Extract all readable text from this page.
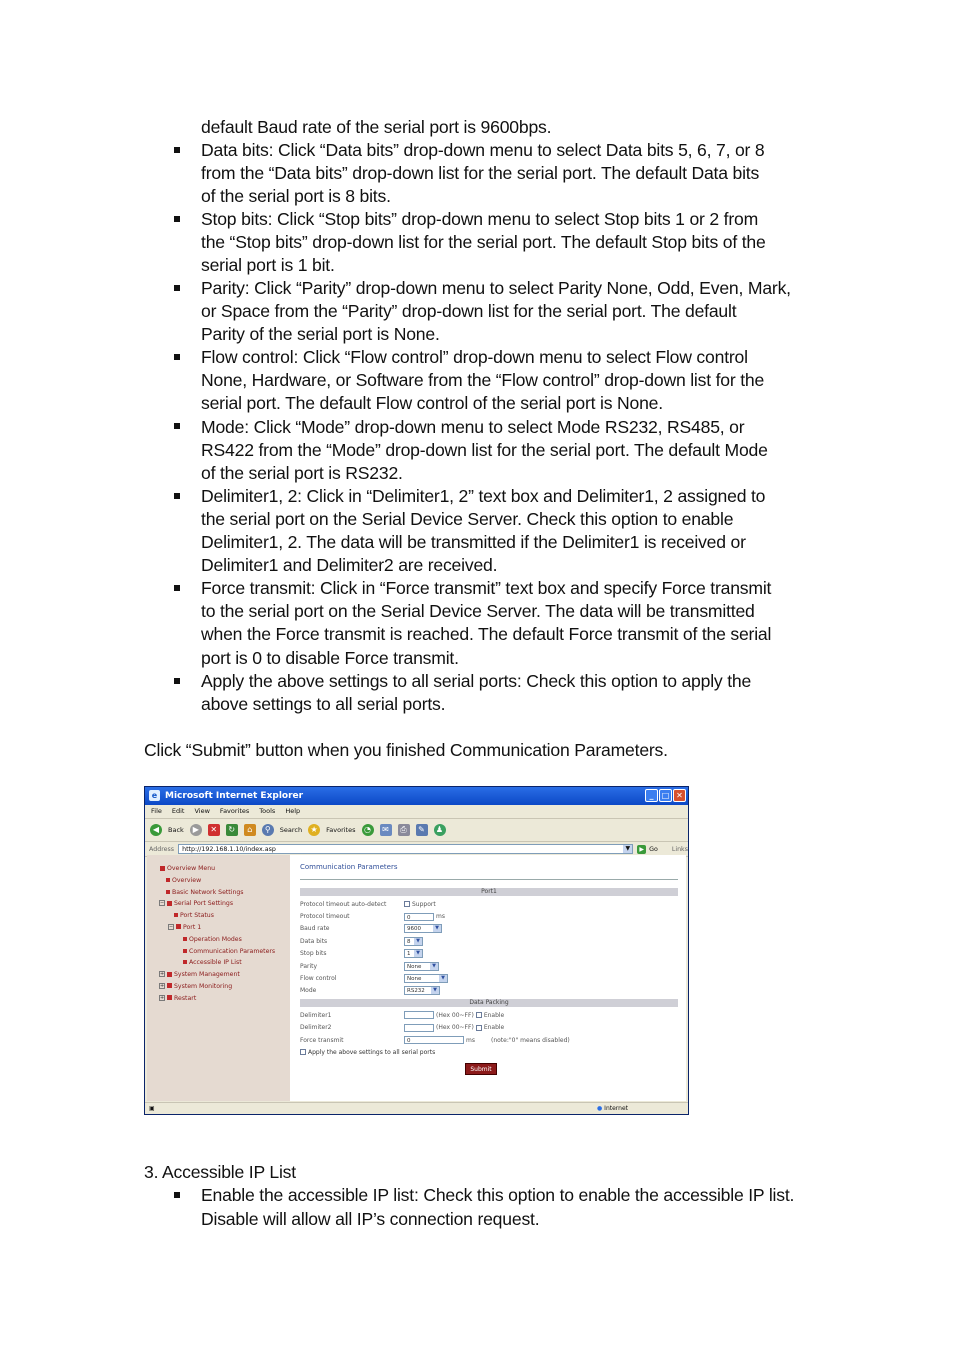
default Baud rate of the serial port is 9600bps.
Data bits: Click “Data bits” drop-down menu to select Data bits 5, 6, 7, or 8
from the “Data bits” drop-down list for the serial port. The default Data bits
of the serial port is 8 bits.
Stop bits: Click “Stop bits” drop-down menu to select Stop bits 1 or 2 from
the “Stop bits” drop-down list for the serial port. The default Stop bits of the
serial port is 1 bit.
Parity: Click “Parity” drop-down menu to select Parity None, Odd, Even, Mark,
or Space from the “Parity” drop-down list for the serial port. The default
Parity of the serial port is None.
Flow control: Click “Flow control” drop-down menu to select Flow control
None, Hardware, or Software from the “Flow control” drop-down list for the
serial port. The default Flow control of the serial port is None.
Mode: Click “Mode” drop-down menu to select Mode RS232, RS485, or
RS422 from the “Mode” drop-down list for the serial port. The default Mode
of the serial port is RS232.
Delimiter1, 2: Click in “Delimiter1, 2” text box and Delimiter1, 2 assigned to
the serial port on the Serial Device Server. Check this option to enable
Delimiter1, 2. The data will be transmitted if the Delimiter1 is received or
Delimiter1 and Delimiter2 are received.
Force transmit: Click in “Force transmit” text box and specify Force transmit
to the serial port on the Serial Device Server. The data will be transmitted
when the Force transmit is reached. The default Force transmit of the serial
port is 0 to disable Force transmit.
Apply the above settings to all serial ports: Check this option to apply the
above settings to all serial ports.
Click “Submit” button when you finished Communication Parameters.
3. Accessible IP List
Enable the accessible IP list: Check this option to enable the accessible IP list.
Disable will allow all IP’s connection request.
e Microsoft Internet Explorer	_	□ ✕
File Edit View Favorites Tools Help
◀	Back	▶	✕	↻	⌂	⚲	Search	★	Favorites	◔	✉	⎙	✎	♟
Address	http://192.168.1.10/index.asp	▼	▶ Go Links
Overview Menu
Overview
Basic Network Settings
− Serial Port Settings
Port Status
− Port 1
Operation Modes
Communication Parameters
Accessible IP List
+ System Management
+ System Monitoring
+ Restart
Communication Parameters
Port1
Protocol timeout auto-detect	Support
Protocol timeout	0	ms
Baud rate	9600	▼
Data bits	8	▼
Stop bits	1	▼
Parity	None	▼
Flow control	None	▼
Mode	RS232	▼
Data Packing
Delimiter1	(Hex 00~FF) Enable
Delimiter2	(Hex 00~FF) Enable
Force transmit	0	ms	(note:"0" means disabled)
Apply the above settings to all serial ports
Submit
▣	● Internet
